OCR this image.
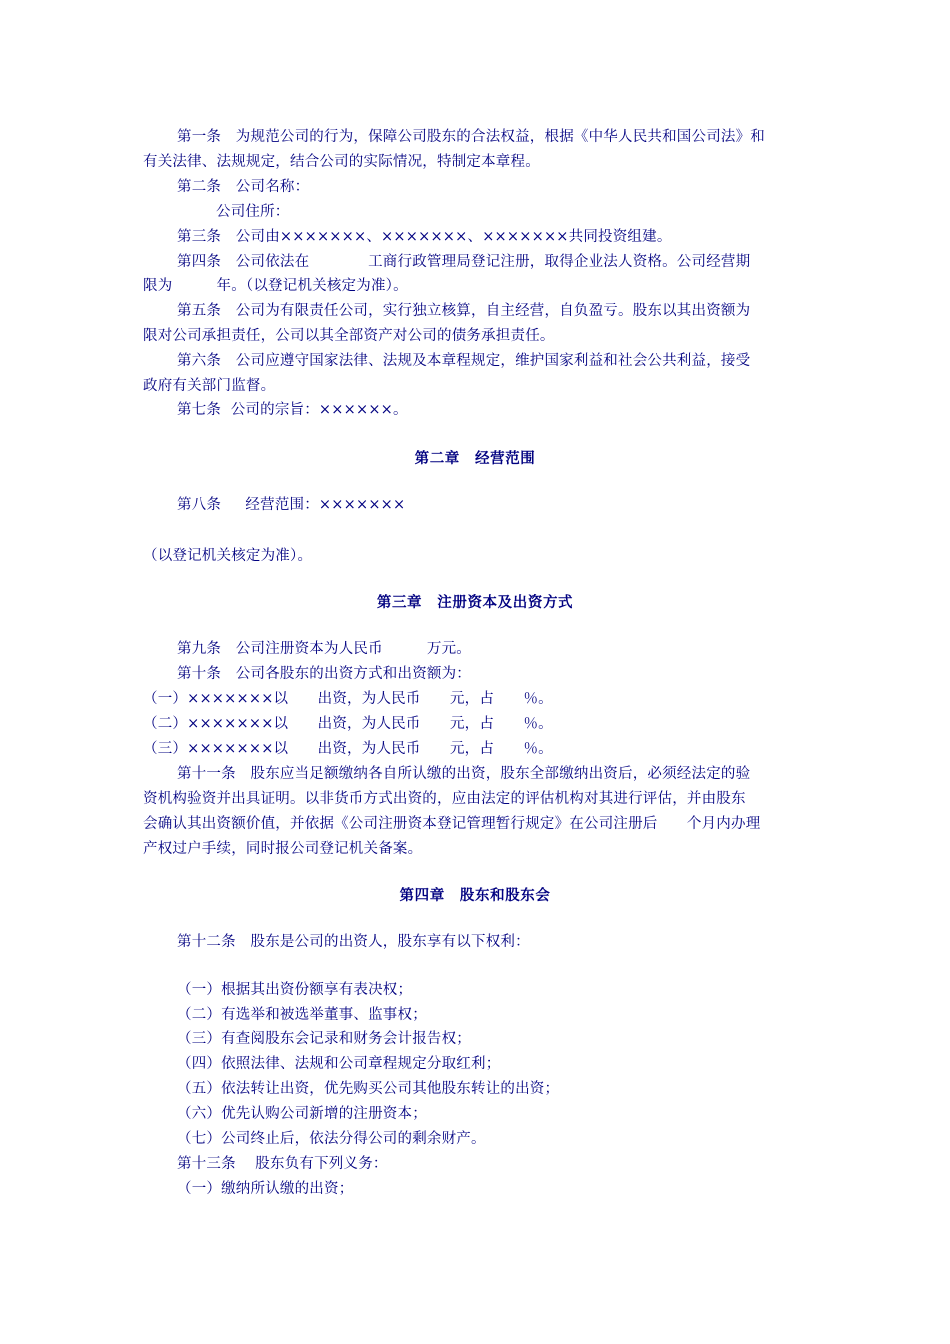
第一条　为规范公司的行为，保障公司股东的合法权益，根据《中华人民共和国公司法》和
有关法律、法规规定，结合公司的实际情况，特制定本章程。
第二条　公司名称：
公司住所：
第三条　公司由×××××××、×××××××、×××××××共同投资组建。
第四条　公司依法在　　　　工商行政管理局登记注册，取得企业法人资格。公司经营期
限为　　　年。（以登记机关核定为准）。
第五条　公司为有限责任公司，实行独立核算，自主经营，自负盈亏。股东以其出资额为
限对公司承担责任，公司以其全部资产对公司的债务承担责任。
第六条　公司应遵守国家法律、法规及本章程规定，维护国家利益和社会公共利益，接受
政府有关部门监督。
第七条  公司的宗旨：××××××。
第二章　经营范围
第八条　  经营范围：×××××××
（以登记机关核定为准）。
第三章　注册资本及出资方式
第九条　公司注册资本为人民币　　　万元。
第十条　公司各股东的出资方式和出资额为：
（一）×××××××以　　出资，为人民币　　元，占　　％。
（二）×××××××以　　出资，为人民币　　元，占　　％。
（三）×××××××以　　出资，为人民币　　元，占　　％。
第十一条　股东应当足额缴纳各自所认缴的出资，股东全部缴纳出资后，必须经法定的验
资机构验资并出具证明。以非货币方式出资的，应由法定的评估机构对其进行评估，并由股东
会确认其出资额价值，并依据《公司注册资本登记管理暂行规定》在公司注册后　　个月内办理
产权过户手续，同时报公司登记机关备案。
第四章　股东和股东会
第十二条　股东是公司的出资人，股东享有以下权利：
（一）根据其出资份额享有表决权；
（二）有选举和被选举董事、监事权；
（三）有查阅股东会记录和财务会计报告权；
（四）依照法律、法规和公司章程规定分取红利；
（五）依法转让出资，优先购买公司其他股东转让的出资；
（六）优先认购公司新增的注册资本；
（七）公司终止后，依法分得公司的剩余财产。
第十三条　 股东负有下列义务：
（一）缴纳所认缴的出资；
